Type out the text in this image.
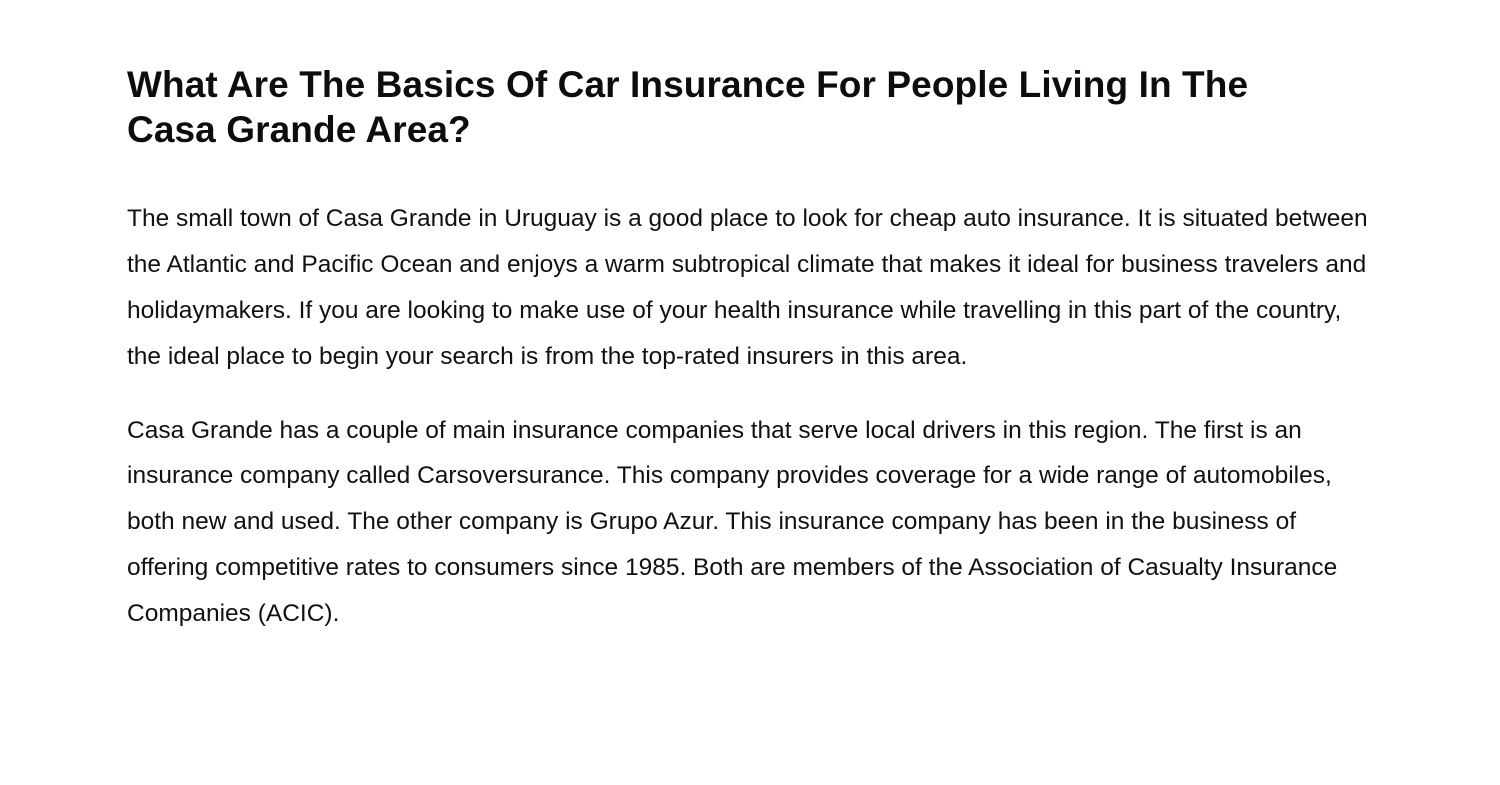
What Are The Basics Of Car Insurance For People Living In The Casa Grande Area?

The small town of Casa Grande in Uruguay is a good place to look for cheap auto insurance. It is situated between the Atlantic and Pacific Ocean and enjoys a warm subtropical climate that makes it ideal for business travelers and holidaymakers. If you are looking to make use of your health insurance while travelling in this part of the country, the ideal place to begin your search is from the top-rated insurers in this area.

Casa Grande has a couple of main insurance companies that serve local drivers in this region. The first is an insurance company called Carsoversurance. This company provides coverage for a wide range of automobiles, both new and used. The other company is Grupo Azur. This insurance company has been in the business of offering competitive rates to consumers since 1985. Both are members of the Association of Casualty Insurance Companies (ACIC).
